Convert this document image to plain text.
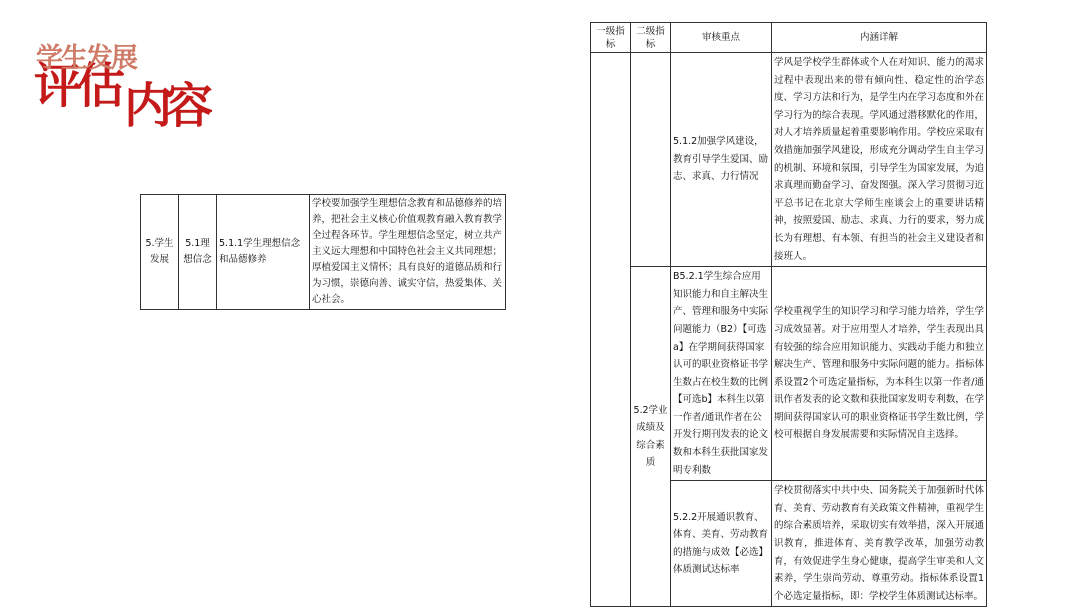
学生发展
评估内容
5.学生发展	5.1理想信念	5.1.1学生理想信念和品德修养	学校要加强学生理想信念教育和品德修养的培养，把社会主义核心价值观教育融入教育教学全过程各环节。学生理想信念坚定，树立共产主义远大理想和中国特色社会主义共同理想；厚植爱国主义情怀；具有良好的道德品质和行为习惯，崇德向善、诚实守信，热爱集体、关心社会。
一级指标	二级指标	审核重点	内涵详解
		5.1.2加强学风建设，教育引导学生爱国、励志、求真、力行情况	学风是学校学生群体或个人在对知识、能力的渴求过程中表现出来的带有倾向性、稳定性的治学态度、学习方法和行为，是学生内在学习态度和外在学习行为的综合表现。学风通过潜移默化的作用，对人才培养质量起着重要影响作用。学校应采取有效措施加强学风建设，形成充分调动学生自主学习的机制、环境和氛围，引导学生为国家发展，为追求真理而勤奋学习、奋发图强。深入学习贯彻习近平总书记在北京大学师生座谈会上的重要讲话精神，按照爱国、励志、求真、力行的要求，努力成长为有理想、有本领、有担当的社会主义建设者和接班人。
	5.2学业成绩及综合素质	B5.2.1学生综合应用知识能力和自主解决生产、管理和服务中实际问题能力（B2）【可选a】在学期间获得国家认可的职业资格证书学生数占在校生数的比例【可选b】本科生以第一作者/通讯作者在公开发行期刊发表的论文数和本科生获批国家发明专利数	学校重视学生的知识学习和学习能力培养，学生学习成效显著。对于应用型人才培养，学生表现出具有较强的综合应用知识能力、实践动手能力和独立解决生产、管理和服务中实际问题的能力。指标体系设置2个可选定量指标，为本科生以第一作者/通讯作者发表的论文数和获批国家发明专利数，在学期间获得国家认可的职业资格证书学生数比例，学校可根据自身发展需要和实际情况自主选择。
		5.2.2开展通识教育、体育、美育、劳动教育的措施与成效【必选】体质测试达标率	学校贯彻落实中共中央、国务院关于加强新时代体育、美育、劳动教育有关政策文件精神，重视学生的综合素质培养，采取切实有效举措，深入开展通识教育，推进体育、美育教学改革，加强劳动教育，有效促进学生身心健康，提高学生审美和人文素养，学生崇尚劳动、尊重劳动。指标体系设置1个必选定量指标，即：学校学生体质测试达标率。
